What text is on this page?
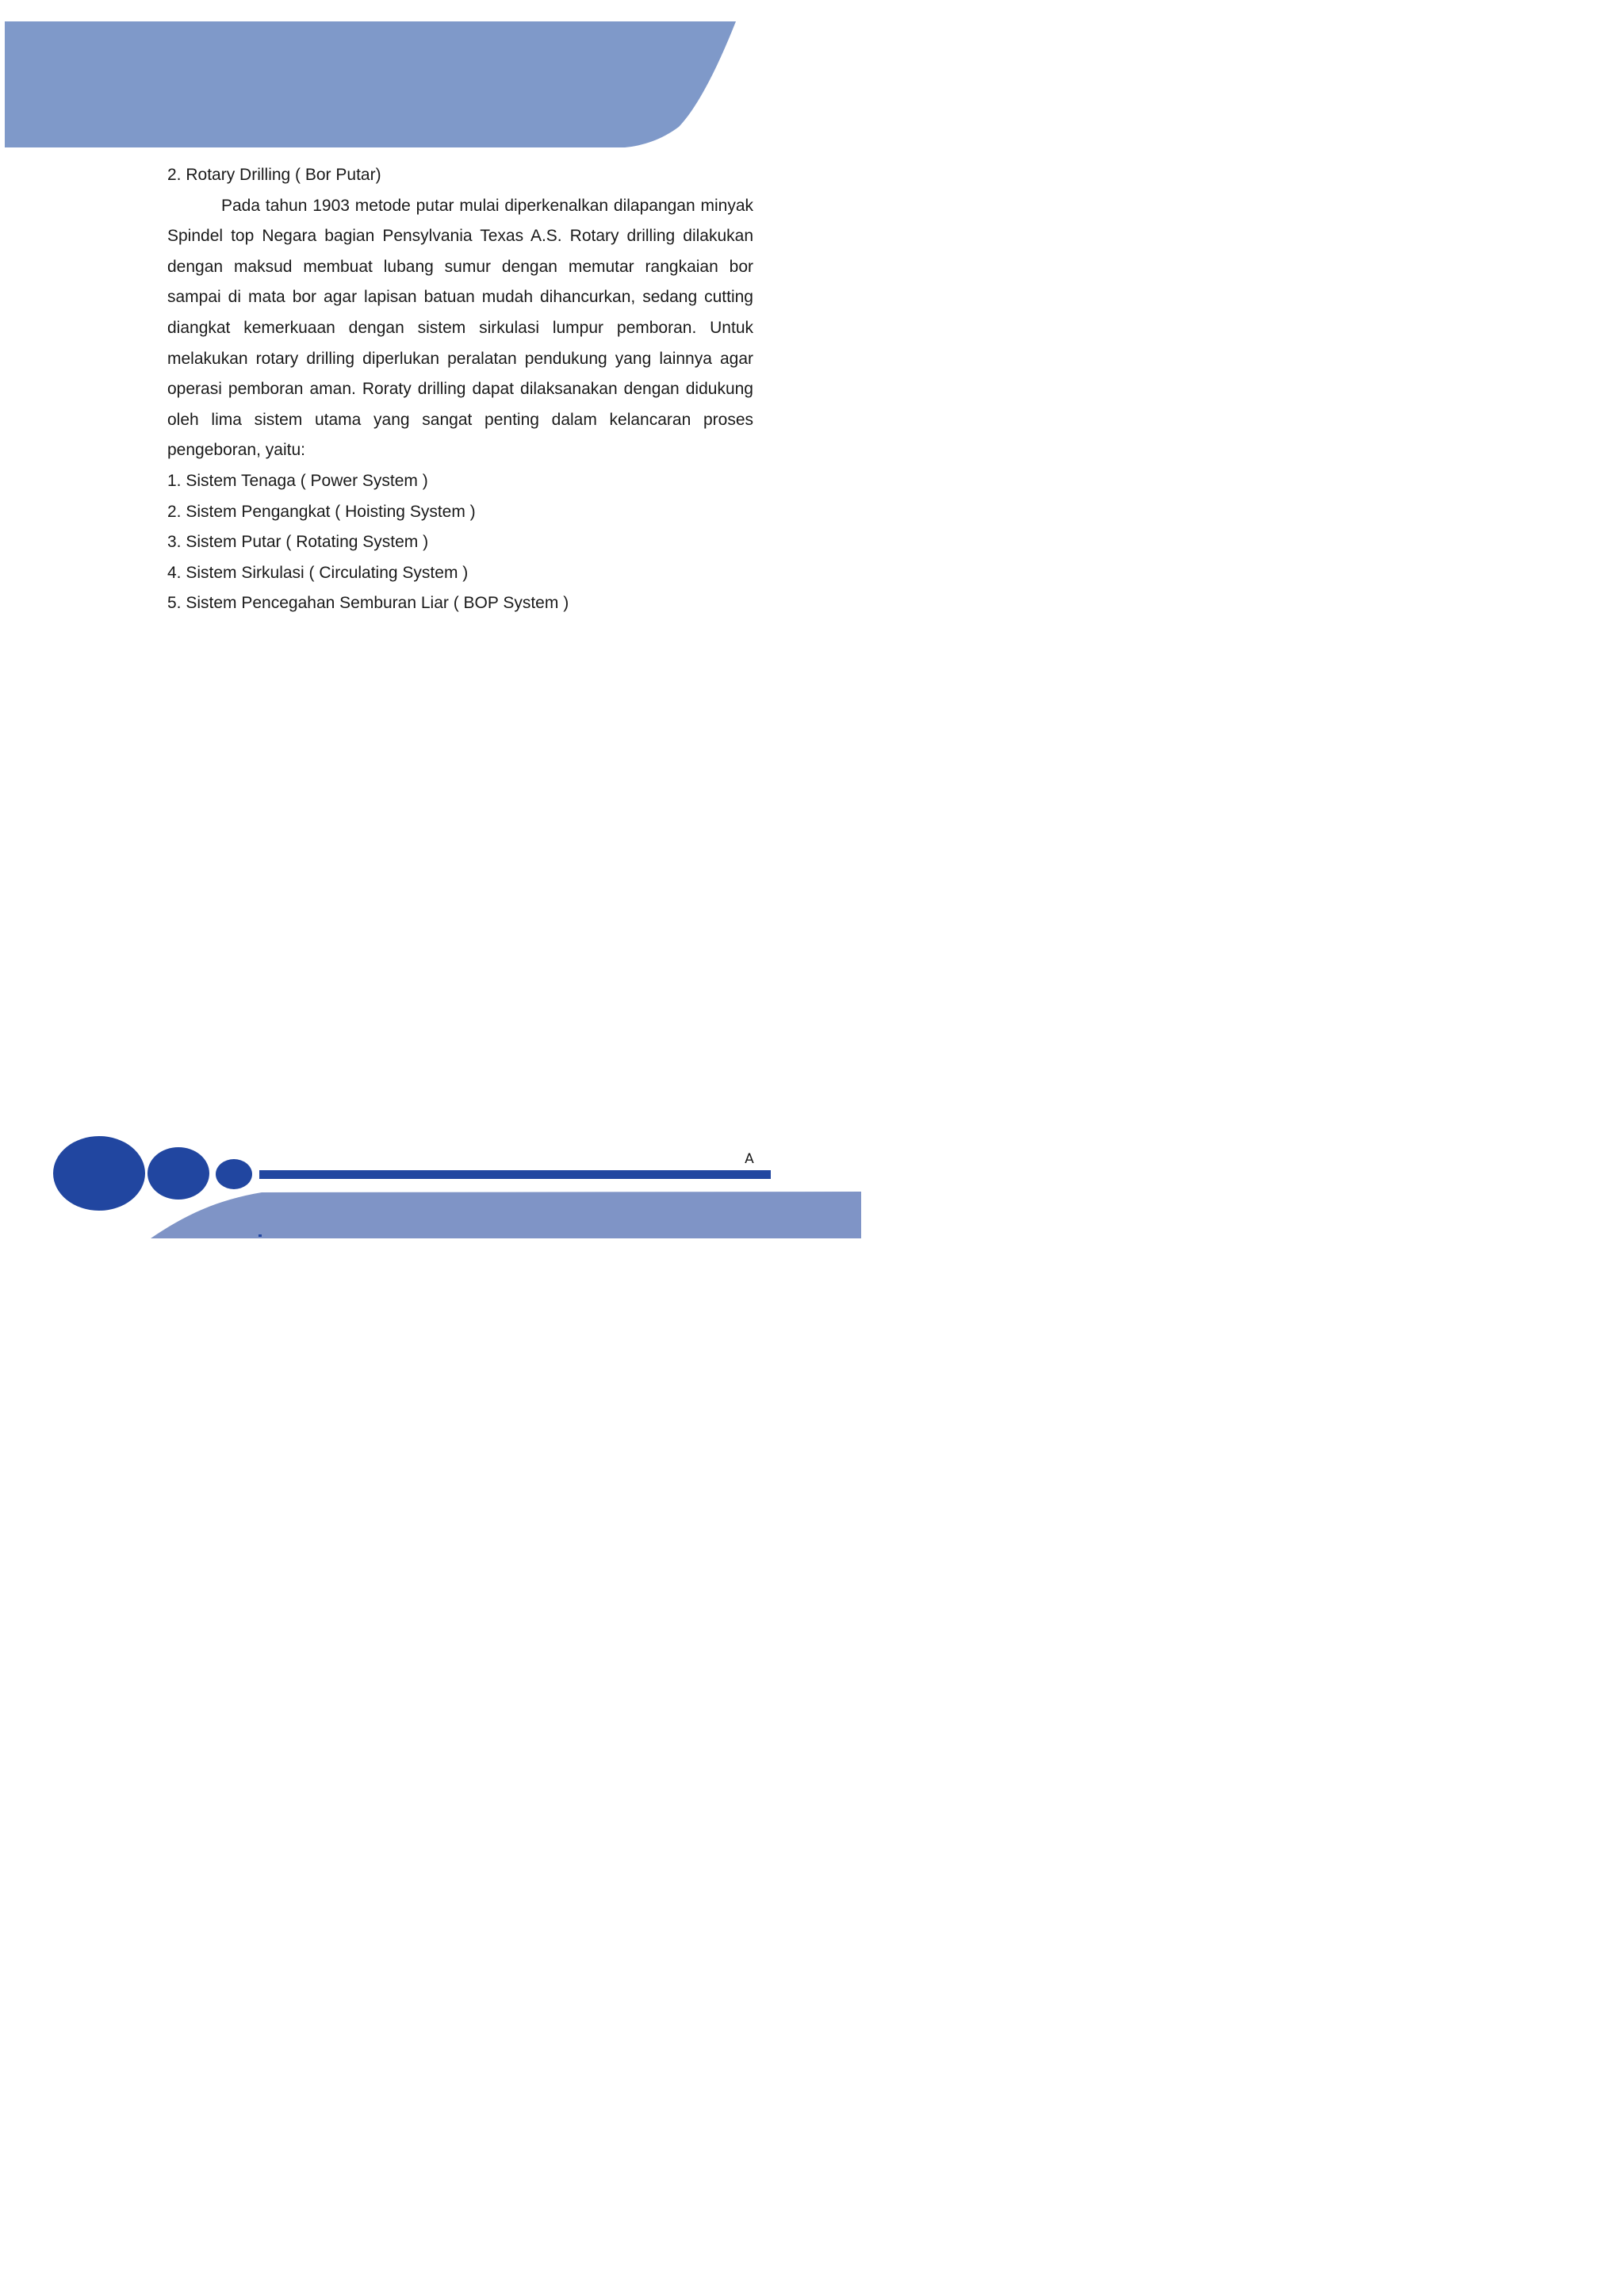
2. Rotary Drilling ( Bor Putar)

Pada tahun 1903 metode putar mulai diperkenalkan dilapangan minyak Spindel top Negara bagian Pensylvania Texas A.S. Rotary drilling dilakukan dengan maksud membuat lubang sumur dengan memutar rangkaian bor sampai di mata bor agar lapisan batuan mudah dihancurkan, sedang cutting diangkat kemerkuaan dengan sistem sirkulasi lumpur pemboran. Untuk melakukan rotary drilling diperlukan peralatan pendukung yang lainnya agar operasi pemboran aman. Roraty drilling dapat dilaksanakan dengan didukung oleh lima sistem utama yang sangat penting dalam kelancaran proses pengeboran, yaitu:

1. Sistem Tenaga ( Power System )

2. Sistem Pengangkat ( Hoisting System )

3. Sistem Putar ( Rotating System )

4. Sistem Sirkulasi ( Circulating System )

5. Sistem Pencegahan Semburan Liar ( BOP System )

A
